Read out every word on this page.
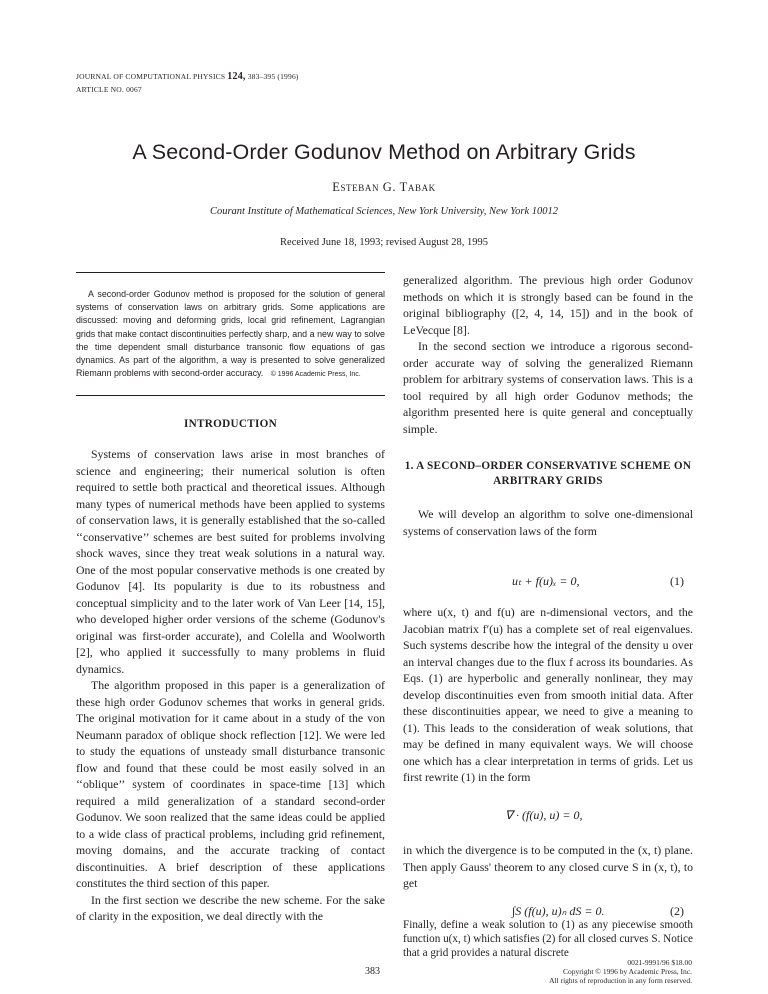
JOURNAL OF COMPUTATIONAL PHYSICS 124, 383–395 (1996)
ARTICLE NO. 0067
A Second-Order Godunov Method on Arbitrary Grids
Esteban G. Tabak
Courant Institute of Mathematical Sciences, New York University, New York 10012
Received June 18, 1993; revised August 28, 1995
A second-order Godunov method is proposed for the solution of general systems of conservation laws on arbitrary grids. Some applications are discussed: moving and deforming grids, local grid refinement, Lagrangian grids that make contact discontinuities perfectly sharp, and a new way to solve the time dependent small disturbance transonic flow equations of gas dynamics. As part of the algorithm, a way is presented to solve generalized Riemann problems with second-order accuracy. © 1996 Academic Press, Inc.
INTRODUCTION

Systems of conservation laws arise in most branches of science and engineering; their numerical solution is often required to settle both practical and theoretical issues. Although many types of numerical methods have been applied to systems of conservation laws, it is generally established that the so-called ‘‘conservative’’ schemes are best suited for problems involving shock waves, since they treat weak solutions in a natural way. One of the most popular conservative methods is one created by Godunov [4]. Its popularity is due to its robustness and conceptual simplicity and to the later work of Van Leer [14, 15], who developed higher order versions of the scheme (Godunov's original was first-order accurate), and Colella and Woolworth [2], who applied it successfully to many problems in fluid dynamics.

The algorithm proposed in this paper is a generalization of these high order Godunov schemes that works in general grids. The original motivation for it came about in a study of the von Neumann paradox of oblique shock reflection [12]. We were led to study the equations of unsteady small disturbance transonic flow and found that these could be most easily solved in an ‘‘oblique’’ system of coordinates in space-time [13] which required a mild generalization of a standard second-order Godunov. We soon realized that the same ideas could be applied to a wide class of practical problems, including grid refinement, moving domains, and the accurate tracking of contact discontinuities. A brief description of these applications constitutes the third section of this paper.

In the first section we describe the new scheme. For the sake of clarity in the exposition, we deal directly with the

generalized algorithm. The previous high order Godunov methods on which it is strongly based can be found in the original bibliography ([2, 4, 14, 15]) and in the book of LeVecque [8].

In the second section we introduce a rigorous second-order accurate way of solving the generalized Riemann problem for arbitrary systems of conservation laws. This is a tool required by all high order Godunov methods; the algorithm presented here is quite general and conceptually simple.

1. A SECOND–ORDER CONSERVATIVE SCHEME ON ARBITRARY GRIDS

We will develop an algorithm to solve one-dimensional systems of conservation laws of the form

uₜ + f(u)ₓ = 0,	(1)

where u(x, t) and f(u) are n-dimensional vectors, and the Jacobian matrix f′(u) has a complete set of real eigenvalues. Such systems describe how the integral of the density u over an interval changes due to the flux f across its boundaries. As Eqs. (1) are hyperbolic and generally nonlinear, they may develop discontinuities even from smooth initial data. After these discontinuities appear, we need to give a meaning to (1). This leads to the consideration of weak solutions, that may be defined in many equivalent ways. We will choose one which has a clear interpretation in terms of grids. Let us first rewrite (1) in the form

∇ · (f(u), u) = 0,

in which the divergence is to be computed in the (x, t) plane. Then apply Gauss' theorem to any closed curve S in (x, t), to get

∫S (f(u), u)ₙ dS = 0.	(2)

Finally, define a weak solution to (1) as any piecewise smooth function u(x, t) which satisfies (2) for all closed curves S. Notice that a grid provides a natural discrete

383
0021-9991/96 $18.00
Copyright © 1996 by Academic Press, Inc.
All rights of reproduction in any form reserved.
